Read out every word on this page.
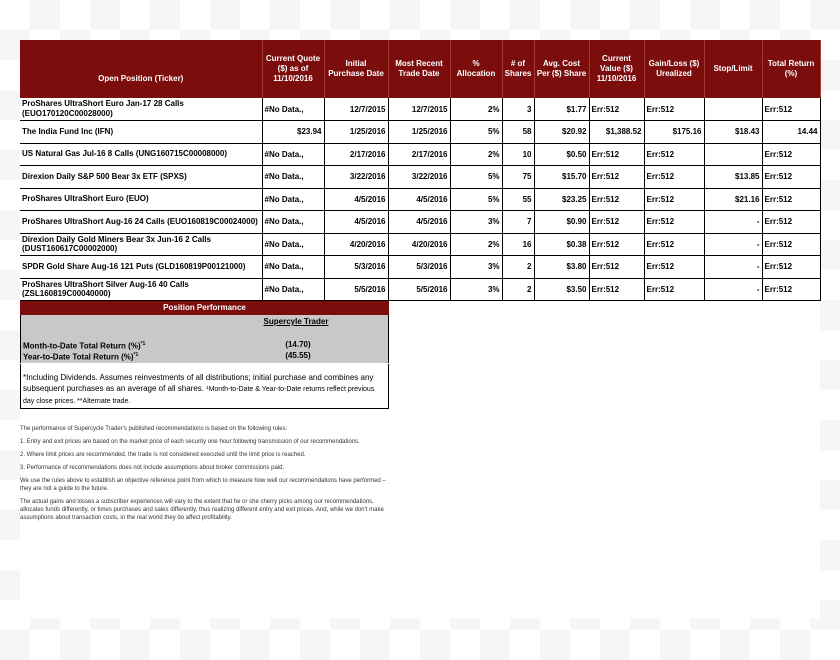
Open Position (Ticker)	Current Quote ($) as of 11/10/2016	Initial Purchase Date	Most Recent Trade Date	% Allocation	# of Shares	Avg. Cost Per ($) Share	Current Value ($) 11/10/2016	Gain/Loss ($) Urealized	Stop/Limit	Total Return (%)
ProShares UltraShort Euro Jan-17 28 Calls (EUO170120C00028000)	#No Data.,	12/7/2015	12/7/2015	2%	3	$1.77	Err:512	Err:512		Err:512
The India Fund Inc (IFN)	$23.94	1/25/2016	1/25/2016	5%	58	$20.92	$1,388.52	$175.16	$18.43	14.44
US Natural Gas Jul-16 8 Calls (UNG160715C00008000)	#No Data.,	2/17/2016	2/17/2016	2%	10	$0.50	Err:512	Err:512		Err:512
Direxion Daily S&P 500 Bear 3x ETF (SPXS)	#No Data.,	3/22/2016	3/22/2016	5%	75	$15.70	Err:512	Err:512	$13.85	Err:512
ProShares UltraShort Euro (EUO)	#No Data.,	4/5/2016	4/5/2016	5%	55	$23.25	Err:512	Err:512	$21.16	Err:512
ProShares UltraShort Aug-16 24 Calls (EUO160819C00024000)	#No Data.,	4/5/2016	4/5/2016	3%	7	$0.90	Err:512	Err:512	-	Err:512
Direxion Daily Gold Miners Bear 3x Jun-16 2 Calls (DUST160617C00002000)	#No Data.,	4/20/2016	4/20/2016	2%	16	$0.38	Err:512	Err:512	-	Err:512
SPDR Gold Share Aug-16 121 Puts (GLD160819P00121000)	#No Data.,	5/3/2016	5/3/2016	3%	2	$3.80	Err:512	Err:512	-	Err:512
ProShares UltraShort Silver Aug-16 40 Calls (ZSL160819C00040000)	#No Data.,	5/5/2016	5/5/2016	3%	2	$3.50	Err:512	Err:512	-	Err:512
Position Performance
Supercyle Trader
Month-to-Date Total Return (%)$^{*1}$	(14.70)
Year-to-Date Total Return (%)$^{*1}$	(45.55)
*Including Dividends. Assumes reinvestments of all distributions; initial purchase and combines any subsequent purchases as an average of all shares. ¹Month-to-Date & Year-to-Date returns reflect previous day close prices. **Alternate trade.

The performance of Supercycle Trader's published recommendations is based on the following rules:

1. Entry and exit prices are based on the market price of each security one hour following transmission of our recommendations.

2. Where limit prices are recommended, the trade is not considered executed until the limit price is reached.

3. Performance of recommendations does not include assumptions about broker commissions paid.

We use the rules above to establish an objective reference point from which to measure how well our recommendations have performed – they are not a guide to the future.

The actual gains and losses a subscriber experiences will vary to the extent that he or she cherry picks among our recommendations, allocates funds differently, or times purchases and sales differently, thus realizing different entry and exit prices. And, while we don't make assumptions about transaction costs, in the real world they do affect profitability.
